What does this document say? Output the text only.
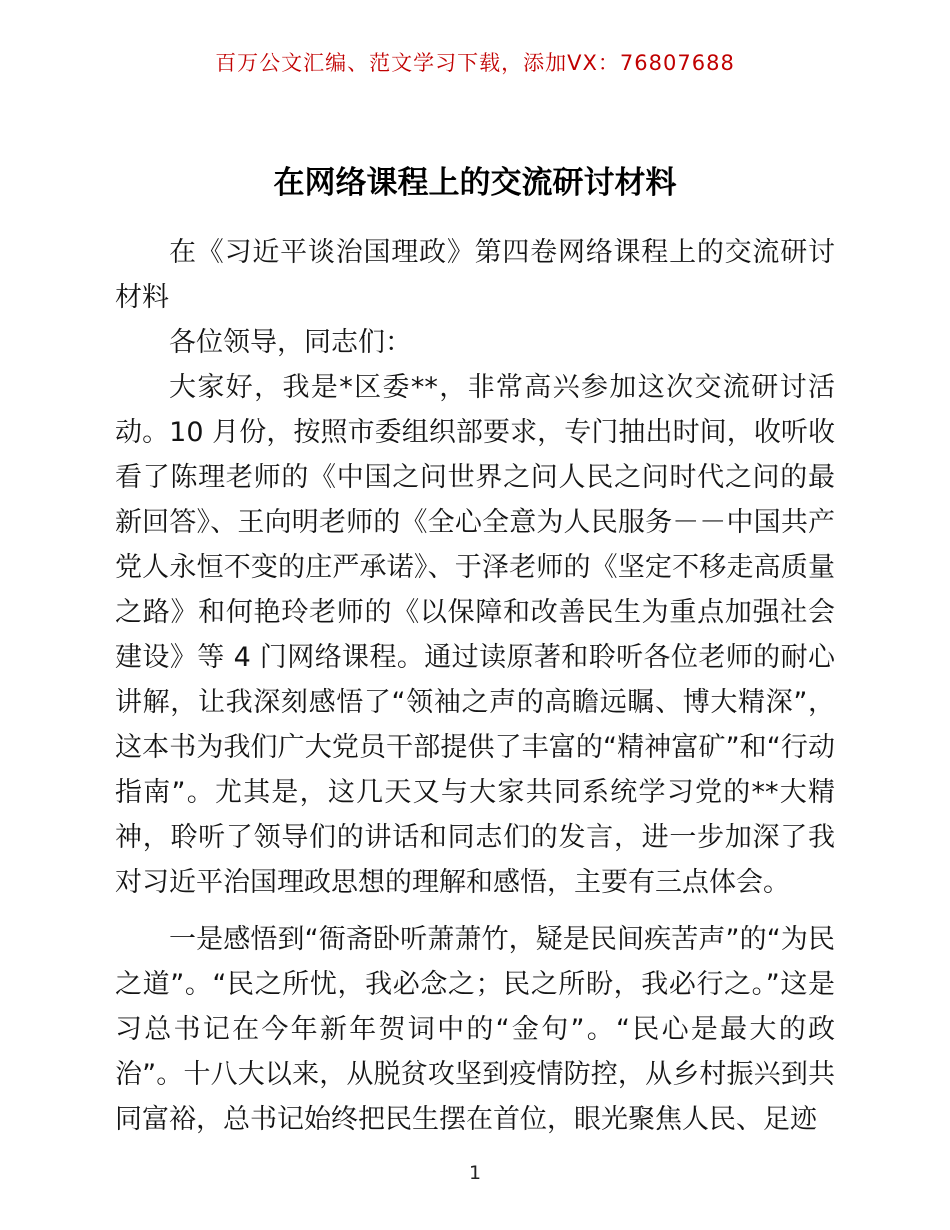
百万公文汇编、范文学习下载，添加VX：76807688
在网络课程上的交流研讨材料

在《习近平谈治国理政》第四卷网络课程上的交流研讨材料

各位领导，同志们：

大家好，我是*区委**，非常高兴参加这次交流研讨活动。10 月份，按照市委组织部要求，专门抽出时间，收听收看了陈理老师的《中国之问世界之问人民之问时代之问的最新回答》、王向明老师的《全心全意为人民服务－－中国共产党人永恒不变的庄严承诺》、于泽老师的《坚定不移走高质量之路》和何艳玲老师的《以保障和改善民生为重点加强社会建设》等 4 门网络课程。通过读原著和聆听各位老师的耐心讲解，让我深刻感悟了“领袖之声的高瞻远瞩、博大精深”，这本书为我们广大党员干部提供了丰富的“精神富矿”和“行动指南”。尤其是，这几天又与大家共同系统学习党的**大精神，聆听了领导们的讲话和同志们的发言，进一步加深了我对习近平治国理政思想的理解和感悟，主要有三点体会。

一是感悟到“衙斋卧听萧萧竹，疑是民间疾苦声”的“为民之道”。“民之所忧，我必念之；民之所盼，我必行之。”这是习总书记在今年新年贺词中的“金句”。“民心是最大的政治”。十八大以来，从脱贫攻坚到疫情防控，从乡村振兴到共同富裕，总书记始终把民生摆在首位，眼光聚焦人民、足迹

1
